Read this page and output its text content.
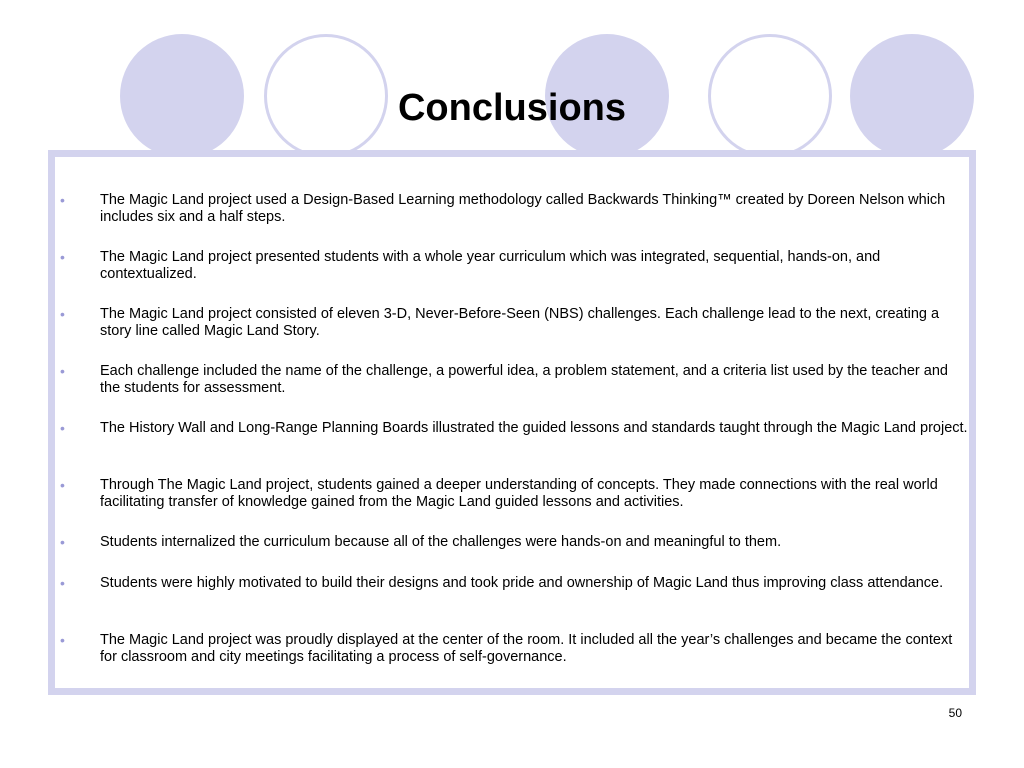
Conclusions
• The Magic Land project used a Design-Based Learning methodology called Backwards Thinking™ created by Doreen Nelson which includes six and a half steps.
• The Magic Land project presented students with a whole year curriculum which was integrated, sequential, hands-on, and contextualized.
• The Magic Land project consisted of eleven 3-D, Never-Before-Seen (NBS) challenges. Each challenge lead to the next, creating a story line called Magic Land Story.
• Each challenge included the name of the challenge, a powerful idea, a problem statement, and a criteria list used by the teacher and the students for assessment.
• The History Wall and Long-Range Planning Boards illustrated the guided lessons and standards taught through the Magic Land project.
• Through The Magic Land project, students gained a deeper understanding of concepts. They made connections with the real world facilitating transfer of knowledge gained from the Magic Land guided lessons and activities.
• Students internalized the curriculum because all of the challenges were hands-on and meaningful to them.
• Students were highly motivated to build their designs and took pride and ownership of Magic Land thus improving class attendance.
• The Magic Land project was proudly displayed at the center of the room. It included all the year’s challenges and became the context for classroom and city meetings facilitating a process of self-governance.
50
